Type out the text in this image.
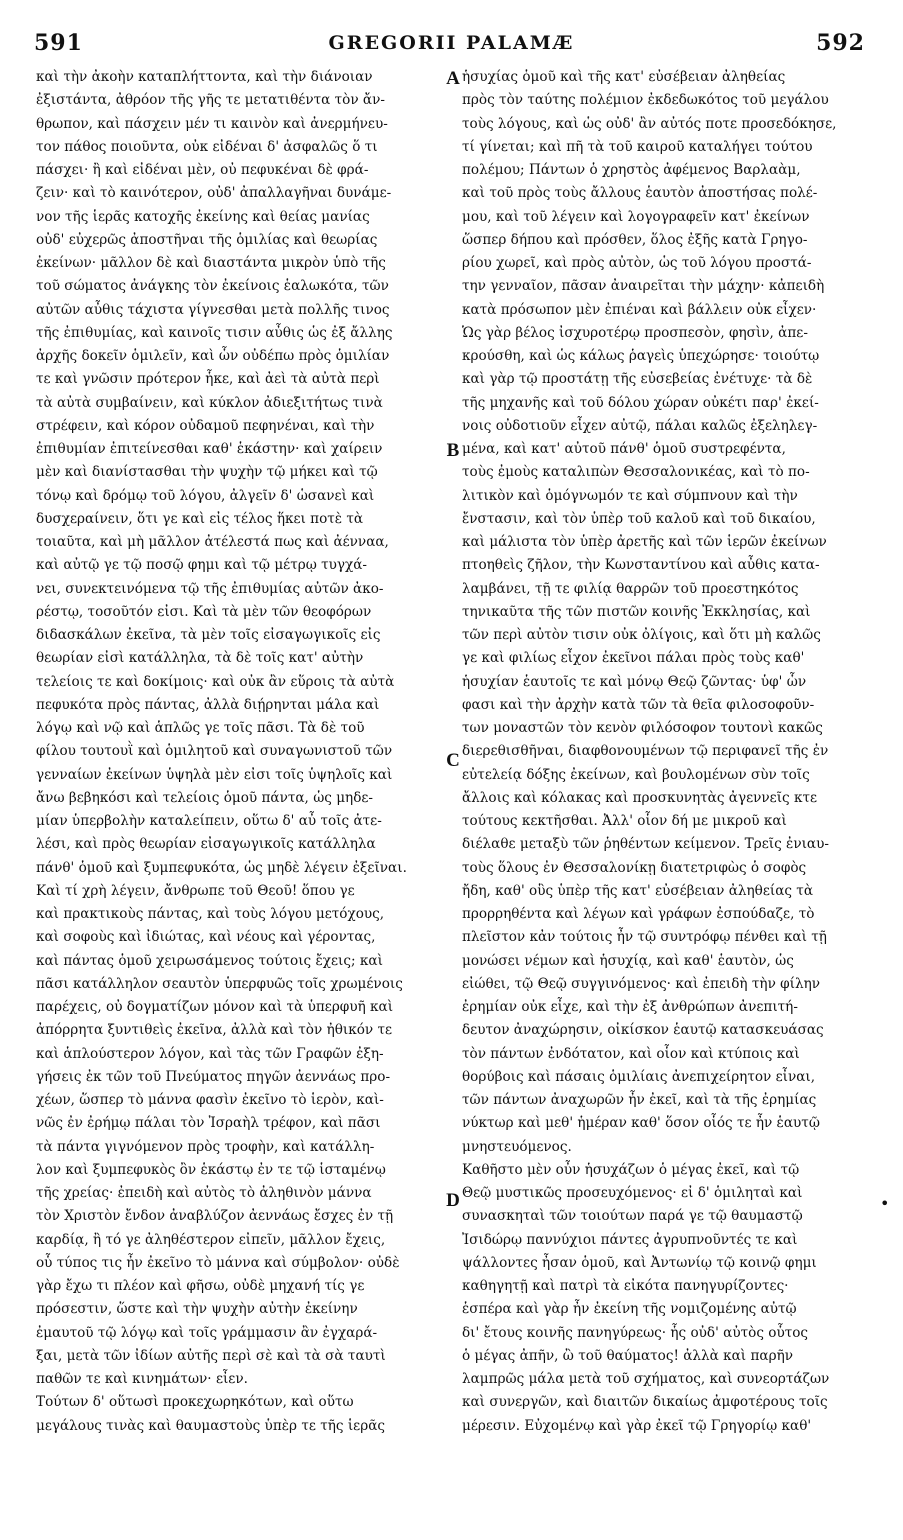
591	GREGORII PALAMÆ	592
καὶ τὴν ἀκοὴν καταπλήττοντα, καὶ τὴν διάνοιαν
ἐξιστάντα, ἀθρόον τῆς γῆς τε μετατιθέντα τὸν ἄν-
θρωπον, καὶ πάσχειν μέν τι καινὸν καὶ ἀνερμήνευ-
τον πάθος ποιοῦντα, οὐκ εἰδέναι δ' ἀσφαλῶς ὅ τι
πάσχει· ἢ καὶ εἰδέναι μὲν, οὐ πεφυκέναι δὲ φρά-
ζειν· καὶ τὸ καινότερον, οὐδ' ἀπαλλαγῆναι δυνάμε-
νον τῆς ἱερᾶς κατοχῆς ἐκείνης καὶ θείας μανίας
οὐδ' εὐχερῶς ἀποστῆναι τῆς ὁμιλίας καὶ θεωρίας
ἐκείνων· μᾶλλον δὲ καὶ διαστάντα μικρὸν ὑπὸ τῆς
τοῦ σώματος ἀνάγκης τὸν ἐκείνοις ἑαλωκότα, τῶν
αὐτῶν αὖθις τάχιστα γίγνεσθαι μετὰ πολλῆς τινος
τῆς ἐπιθυμίας, καὶ καινοῖς τισιν αὖθις ὡς ἐξ ἄλλης
ἀρχῆς δοκεῖν ὁμιλεῖν, καὶ ὧν οὐδέπω πρὸς ὁμιλίαν
τε καὶ γνῶσιν πρότερον ἧκε, καὶ ἀεὶ τὰ αὐτὰ περὶ
τὰ αὐτὰ συμβαίνειν, καὶ κύκλον ἀδιεξιτήτως τινὰ
στρέφειν, καὶ κόρον οὐδαμοῦ πεφηνέναι, καὶ τὴν
ἐπιθυμίαν ἐπιτείνεσθαι καθ' ἑκάστην· καὶ χαίρειν
μὲν καὶ διανίστασθαι τὴν ψυχὴν τῷ μήκει καὶ τῷ
τόνῳ καὶ δρόμῳ τοῦ λόγου, ἀλγεῖν δ' ὡσανεὶ καὶ
δυσχεραίνειν, ὅτι γε καὶ εἰς τέλος ἥκει ποτὲ τὰ
τοιαῦτα, καὶ μὴ μᾶλλον ἀτέλεστά πως καὶ ἀένναα,
καὶ αὐτῷ γε τῷ ποσῷ φημι καὶ τῷ μέτρῳ τυγχά-
νει, συνεκτεινόμενα τῷ τῆς ἐπιθυμίας αὐτῶν ἀκο-
ρέστῳ, τοσοῦτόν εἰσι. Καὶ τὰ μὲν τῶν θεοφόρων
διδασκάλων ἐκεῖνα, τὰ μὲν τοῖς εἰσαγωγικοῖς εἰς
θεωρίαν εἰσὶ κατάλληλα, τὰ δὲ τοῖς κατ' αὐτὴν
τελείοις τε καὶ δοκίμοις· καὶ οὐκ ἂν εὕροις τὰ αὐτὰ
πεφυκότα πρὸς πάντας, ἀλλὰ διῄρηνται μάλα καὶ
λόγῳ καὶ νῷ καὶ ἁπλῶς γε τοῖς πᾶσι. Τὰ δὲ τοῦ
φίλου τουτουῒ καὶ ὁμιλητοῦ καὶ συναγωνιστοῦ τῶν
γενναίων ἐκείνων ὑψηλὰ μὲν εἰσι τοῖς ὑψηλοῖς καὶ
ἄνω βεβηκόσι καὶ τελείοις ὁμοῦ πάντα, ὡς μηδε-
μίαν ὑπερβολὴν καταλείπειν, οὕτω δ' αὖ τοῖς ἀτε-
λέσι, καὶ πρὸς θεωρίαν εἰσαγωγικοῖς κατάλληλα
πάνθ' ὁμοῦ καὶ ξυμπεφυκότα, ὡς μηδὲ λέγειν ἐξεῖναι.
Καὶ τί χρὴ λέγειν, ἄνθρωπε τοῦ Θεοῦ! ὅπου γε
καὶ πρακτικοὺς πάντας, καὶ τοὺς λόγου μετόχους,
καὶ σοφοὺς καὶ ἰδιώτας, καὶ νέους καὶ γέροντας,
καὶ πάντας ὁμοῦ χειρωσάμενος τούτοις ἔχεις; καὶ
πᾶσι κατάλληλον σεαυτὸν ὑπερφυῶς τοῖς χρωμένοις
παρέχεις, οὐ δογματίζων μόνον καὶ τὰ ὑπερφυῆ καὶ
ἀπόρρητα ξυντιθεὶς ἐκεῖνα, ἀλλὰ καὶ τὸν ἠθικόν τε
καὶ ἁπλούστερον λόγον, καὶ τὰς τῶν Γραφῶν ἐξη-
γήσεις ἐκ τῶν τοῦ Πνεύματος πηγῶν ἀεννάως προ-
χέων, ὥσπερ τὸ μάννα φασὶν ἐκεῖνο τὸ ἱερὸν, καὶ-
νῶς ἐν ἐρήμῳ πάλαι τὸν Ἰσραὴλ τρέφον, καὶ πᾶσι
τὰ πάντα γιγνόμενον πρὸς τροφὴν, καὶ κατάλλη-
λον καὶ ξυμπεφυκὸς ὂν ἑκάστῳ ἐν τε τῷ ἱσταμένῳ
τῆς χρείας· ἐπειδὴ καὶ αὐτὸς τὸ ἀληθινὸν μάννα
τὸν Χριστὸν ἔνδον ἀναβλύζον ἀεννάως ἔσχες ἐν τῇ
καρδίᾳ, ἢ τό γε ἀληθέστερον εἰπεῖν, μᾶλλον ἔχεις,
οὗ τύπος τις ἦν ἐκεῖνο τὸ μάννα καὶ σύμβολον· οὐδὲ
γὰρ ἔχω τι πλέον καὶ φῆσω, οὐδὲ μηχανή τίς γε
πρόσεστιν, ὥστε καὶ τὴν ψυχὴν αὐτὴν ἐκείνην
ἐμαυτοῦ τῷ λόγῳ καὶ τοῖς γράμμασιν ἂν ἐγχαρά-
ξαι, μετὰ τῶν ἰδίων αὐτῆς περὶ σὲ καὶ τὰ σὰ ταυτὶ
παθῶν τε καὶ κινημάτων· εἶεν.
Τούτων δ' οὕτωσὶ προκεχωρηκότων, καὶ οὕτω
μεγάλους τινὰς καὶ θαυμαστοὺς ὑπὲρ τε τῆς ἱερᾶς
ἡσυχίας ὁμοῦ καὶ τῆς κατ' εὐσέβειαν ἀληθείας
πρὸς τὸν ταύτης πολέμιον ἐκδεδωκότος τοῦ μεγάλου
τοὺς λόγους, καὶ ὡς οὐδ' ἂν αὐτός ποτε προσεδόκησε,
τί γίνεται; καὶ πῆ τὰ τοῦ καιροῦ καταλήγει τούτου
πολέμου; Πάντων ὁ χρηστὸς ἀφέμενος Βαρλαὰμ,
καὶ τοῦ πρὸς τοὺς ἄλλους ἑαυτὸν ἀποστήσας πολέ-
μου, καὶ τοῦ λέγειν καὶ λογογραφεῖν κατ' ἐκείνων
ὥσπερ δήπου καὶ πρόσθεν, ὅλος ἐξῆς κατὰ Γρηγο-
ρίου χωρεῖ, καὶ πρὸς αὐτὸν, ὡς τοῦ λόγου προστά-
την γενναῖον, πᾶσαν ἀναιρεῖται τὴν μάχην· κἀπειδὴ
κατὰ πρόσωπον μὲν ἐπιέναι καὶ βάλλειν οὐκ εἶχεν·
Ὡς γὰρ βέλος ἰσχυροτέρῳ προσπεσὸν, φησὶν, ἀπε-
κρούσθη, καὶ ὡς κάλως ῥαγεὶς ὑπεχώρησε· τοιούτῳ
καὶ γὰρ τῷ προστάτῃ τῆς εὐσεβείας ἐνέτυχε· τὰ δὲ
τῆς μηχανῆς καὶ τοῦ δόλου χώραν οὐκέτι παρ' ἐκεί-
νοις οὐδοτιοῦν εἶχεν αὐτῷ, πάλαι καλῶς ἐξεληλεγ-
μένα, καὶ κατ' αὐτοῦ πάνθ' ὁμοῦ συστρεφέντα,
τοὺς ἐμοὺς καταλιπὼν Θεσσαλονικέας, καὶ τὸ πο-
λιτικὸν καὶ ὁμόγνωμόν τε καὶ σύμπνουν καὶ τὴν
ἔνστασιν, καὶ τὸν ὑπὲρ τοῦ καλοῦ καὶ τοῦ δικαίου,
καὶ μάλιστα τὸν ὑπὲρ ἀρετῆς καὶ τῶν ἱερῶν ἐκείνων
πτοηθεὶς ζῆλον, τὴν Κωνσταντίνου καὶ αὖθις κατα-
λαμβάνει, τῇ τε φιλίᾳ θαρρῶν τοῦ προεστηκότος
τηνικαῦτα τῆς τῶν πιστῶν κοινῆς Ἐκκλησίας, καὶ
τῶν περὶ αὐτὸν τισιν οὐκ ὀλίγοις, καὶ ὅτι μὴ καλῶς
γε καὶ φιλίως εἶχον ἐκεῖνοι πάλαι πρὸς τοὺς καθ'
ἡσυχίαν ἑαυτοῖς τε καὶ μόνῳ Θεῷ ζῶντας· ὑφ' ὧν
φασι καὶ τὴν ἀρχὴν κατὰ τῶν τὰ θεῖα φιλοσοφοῦν-
των μοναστῶν τὸν κενὸν φιλόσοφον τουτονὶ κακῶς
διερεθισθῆναι, διαφθονουμένων τῷ περιφανεῖ τῆς ἐν
εὐτελείᾳ δόξης ἐκείνων, καὶ βουλομένων σὺν τοῖς
ἄλλοις καὶ κόλακας καὶ προσκυνητὰς ἀγεννεῖς κτε
τούτους κεκτῆσθαι. Ἀλλ' οἷον δή με μικροῦ καὶ
διέλαθε μεταξὺ τῶν ῥηθέντων κείμενον. Τρεῖς ἐνιαυ-
τοὺς ὅλους ἐν Θεσσαλονίκῃ διατετριφὼς ὁ σοφὸς
ἤδη, καθ' οὓς ὑπὲρ τῆς κατ' εὐσέβειαν ἀληθείας τὰ
προρρηθέντα καὶ λέγων καὶ γράφων ἐσπούδαζε, τὸ
πλεῖστον κἀν τούτοις ἦν τῷ συντρόφῳ πένθει καὶ τῇ
μονώσει νέμων καὶ ἡσυχίᾳ, καὶ καθ' ἑαυτὸν, ὡς
εἰώθει, τῷ Θεῷ συγγινόμενος· καὶ ἐπειδὴ τὴν φίλην
ἐρημίαν οὐκ εἶχε, καὶ τὴν ἐξ ἀνθρώπων ἀνεπιτή-
δευτον ἀναχώρησιν, οἰκίσκον ἑαυτῷ κατασκευάσας
τὸν πάντων ἐνδότατον, καὶ οἷον καὶ κτύποις καὶ
θορύβοις καὶ πάσαις ὁμιλίαις ἀνεπιχείρητον εἶναι,
τῶν πάντων ἀναχωρῶν ἦν ἐκεῖ, καὶ τὰ τῆς ἐρημίας
νύκτωρ καὶ μεθ' ἡμέραν καθ' ὅσον οἷός τε ἦν ἑαυτῷ
μνηστευόμενος.
Καθῆστο μὲν οὖν ἡσυχάζων ὁ μέγας ἐκεῖ, καὶ τῷ
Θεῷ μυστικῶς προσευχόμενος· εἰ δ' ὁμιληταὶ καὶ
συνασκηταὶ τῶν τοιούτων παρά γε τῷ θαυμαστῷ
Ἰσιδώρῳ παννύχιοι πάντες ἀγρυπνοῦντές τε καὶ
ψάλλοντες ἦσαν ὁμοῦ, καὶ Ἀντωνίῳ τῷ κοινῷ φημι
καθηγητῇ καὶ πατρὶ τὰ εἰκότα πανηγυρίζοντες·
ἑσπέρα καὶ γὰρ ἦν ἐκείνη τῆς νομιζομένης αὐτῷ
δι' ἔτους κοινῆς πανηγύρεως· ἧς οὐδ' αὐτὸς οὗτος
ὁ μέγας ἀπῆν, ὢ τοῦ θαύματος! ἀλλὰ καὶ παρῆν
λαμπρῶς μάλα μετὰ τοῦ σχήματος, καὶ συνεορτάζων
καὶ συνεργῶν, καὶ διαιτῶν δικαίως ἀμφοτέρους τοῖς
μέρεσιν. Εὐχομένῳ καὶ γὰρ ἐκεῖ τῷ Γρηγορίῳ καθ'
A
B
C
D	•
